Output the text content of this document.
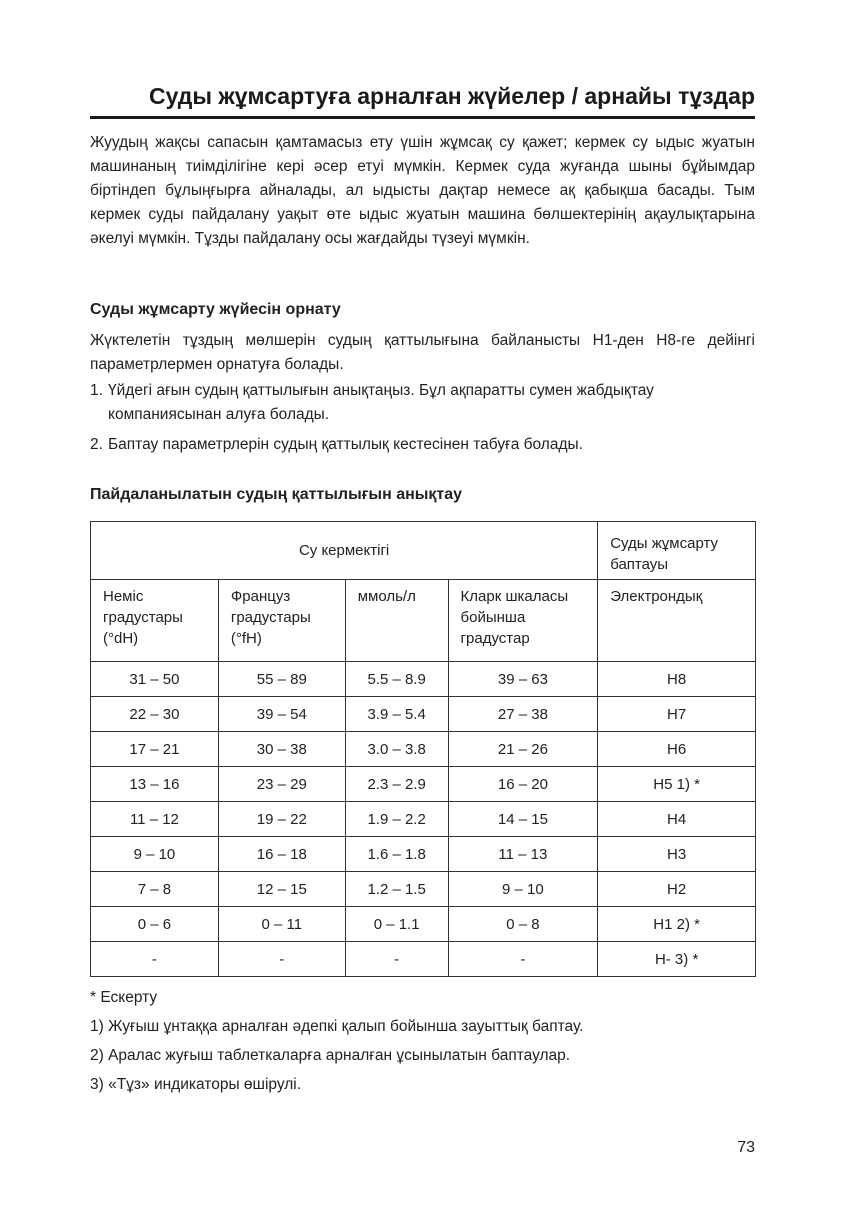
Суды жұмсартуға арналған жүйелер / арнайы тұздар

Жуудың жақсы сапасын қамтамасыз ету үшін жұмсақ су қажет; кермек су ыдыс жуатын машинаның тиімділігіне кері әсер етуі мүмкін. Кермек суда жуғанда шыны бұйымдар біртіндеп бұлыңғырға айналады, ал ыдысты дақтар немесе ақ қабықша басады. Тым кермек суды пайдалану уақыт өте ыдыс жуатын машина бөлшектерінің ақаулықтарына әкелуі мүмкін. Тұзды пайдалану осы жағдайды түзеуі мүмкін.

Суды жұмсарту жүйесін орнату

Жүктелетін тұздың мөлшерін судың қаттылығына байланысты H1-ден H8-ге дейінгі параметрлермен орнатуға болады.

1. Үйдегі ағын судың қаттылығын анықтаңыз. Бұл ақпаратты сумен жабдықтау компаниясынан алуға болады.
2. Баптау параметрлерін судың қаттылық кестесінен табуға болады.
Пайдаланылатын судың қаттылығын анықтау
Су кермектігі				Суды жұмсарту баптауы
Неміс градустары (°dH)	Француз градустары (°fH)	ммоль/л	Кларк шкаласы бойынша градустар	Электрондық
31 – 50	55 – 89	5.5 – 8.9	39 – 63	H8
22 – 30	39 – 54	3.9 – 5.4	27 – 38	H7
17 – 21	30 – 38	3.0 – 3.8	21 – 26	H6
13 – 16	23 – 29	2.3 – 2.9	16 – 20	H5 1) *
11 – 12	19 – 22	1.9 – 2.2	14 – 15	H4
9 – 10	16 – 18	1.6 – 1.8	11 – 13	H3
7 – 8	12 – 15	1.2 – 1.5	9 – 10	H2
0 – 6	0 – 11	0 – 1.1	0 – 8	H1 2) *
-	-	-	-	H- 3) *
* Ескерту
1) Жуғыш ұнтаққа арналған әдепкі қалып бойынша зауыттық баптау.
2) Аралас жуғыш таблеткаларға арналған ұсынылатын баптаулар.
3) «Тұз» индикаторы өшірулі.

73
